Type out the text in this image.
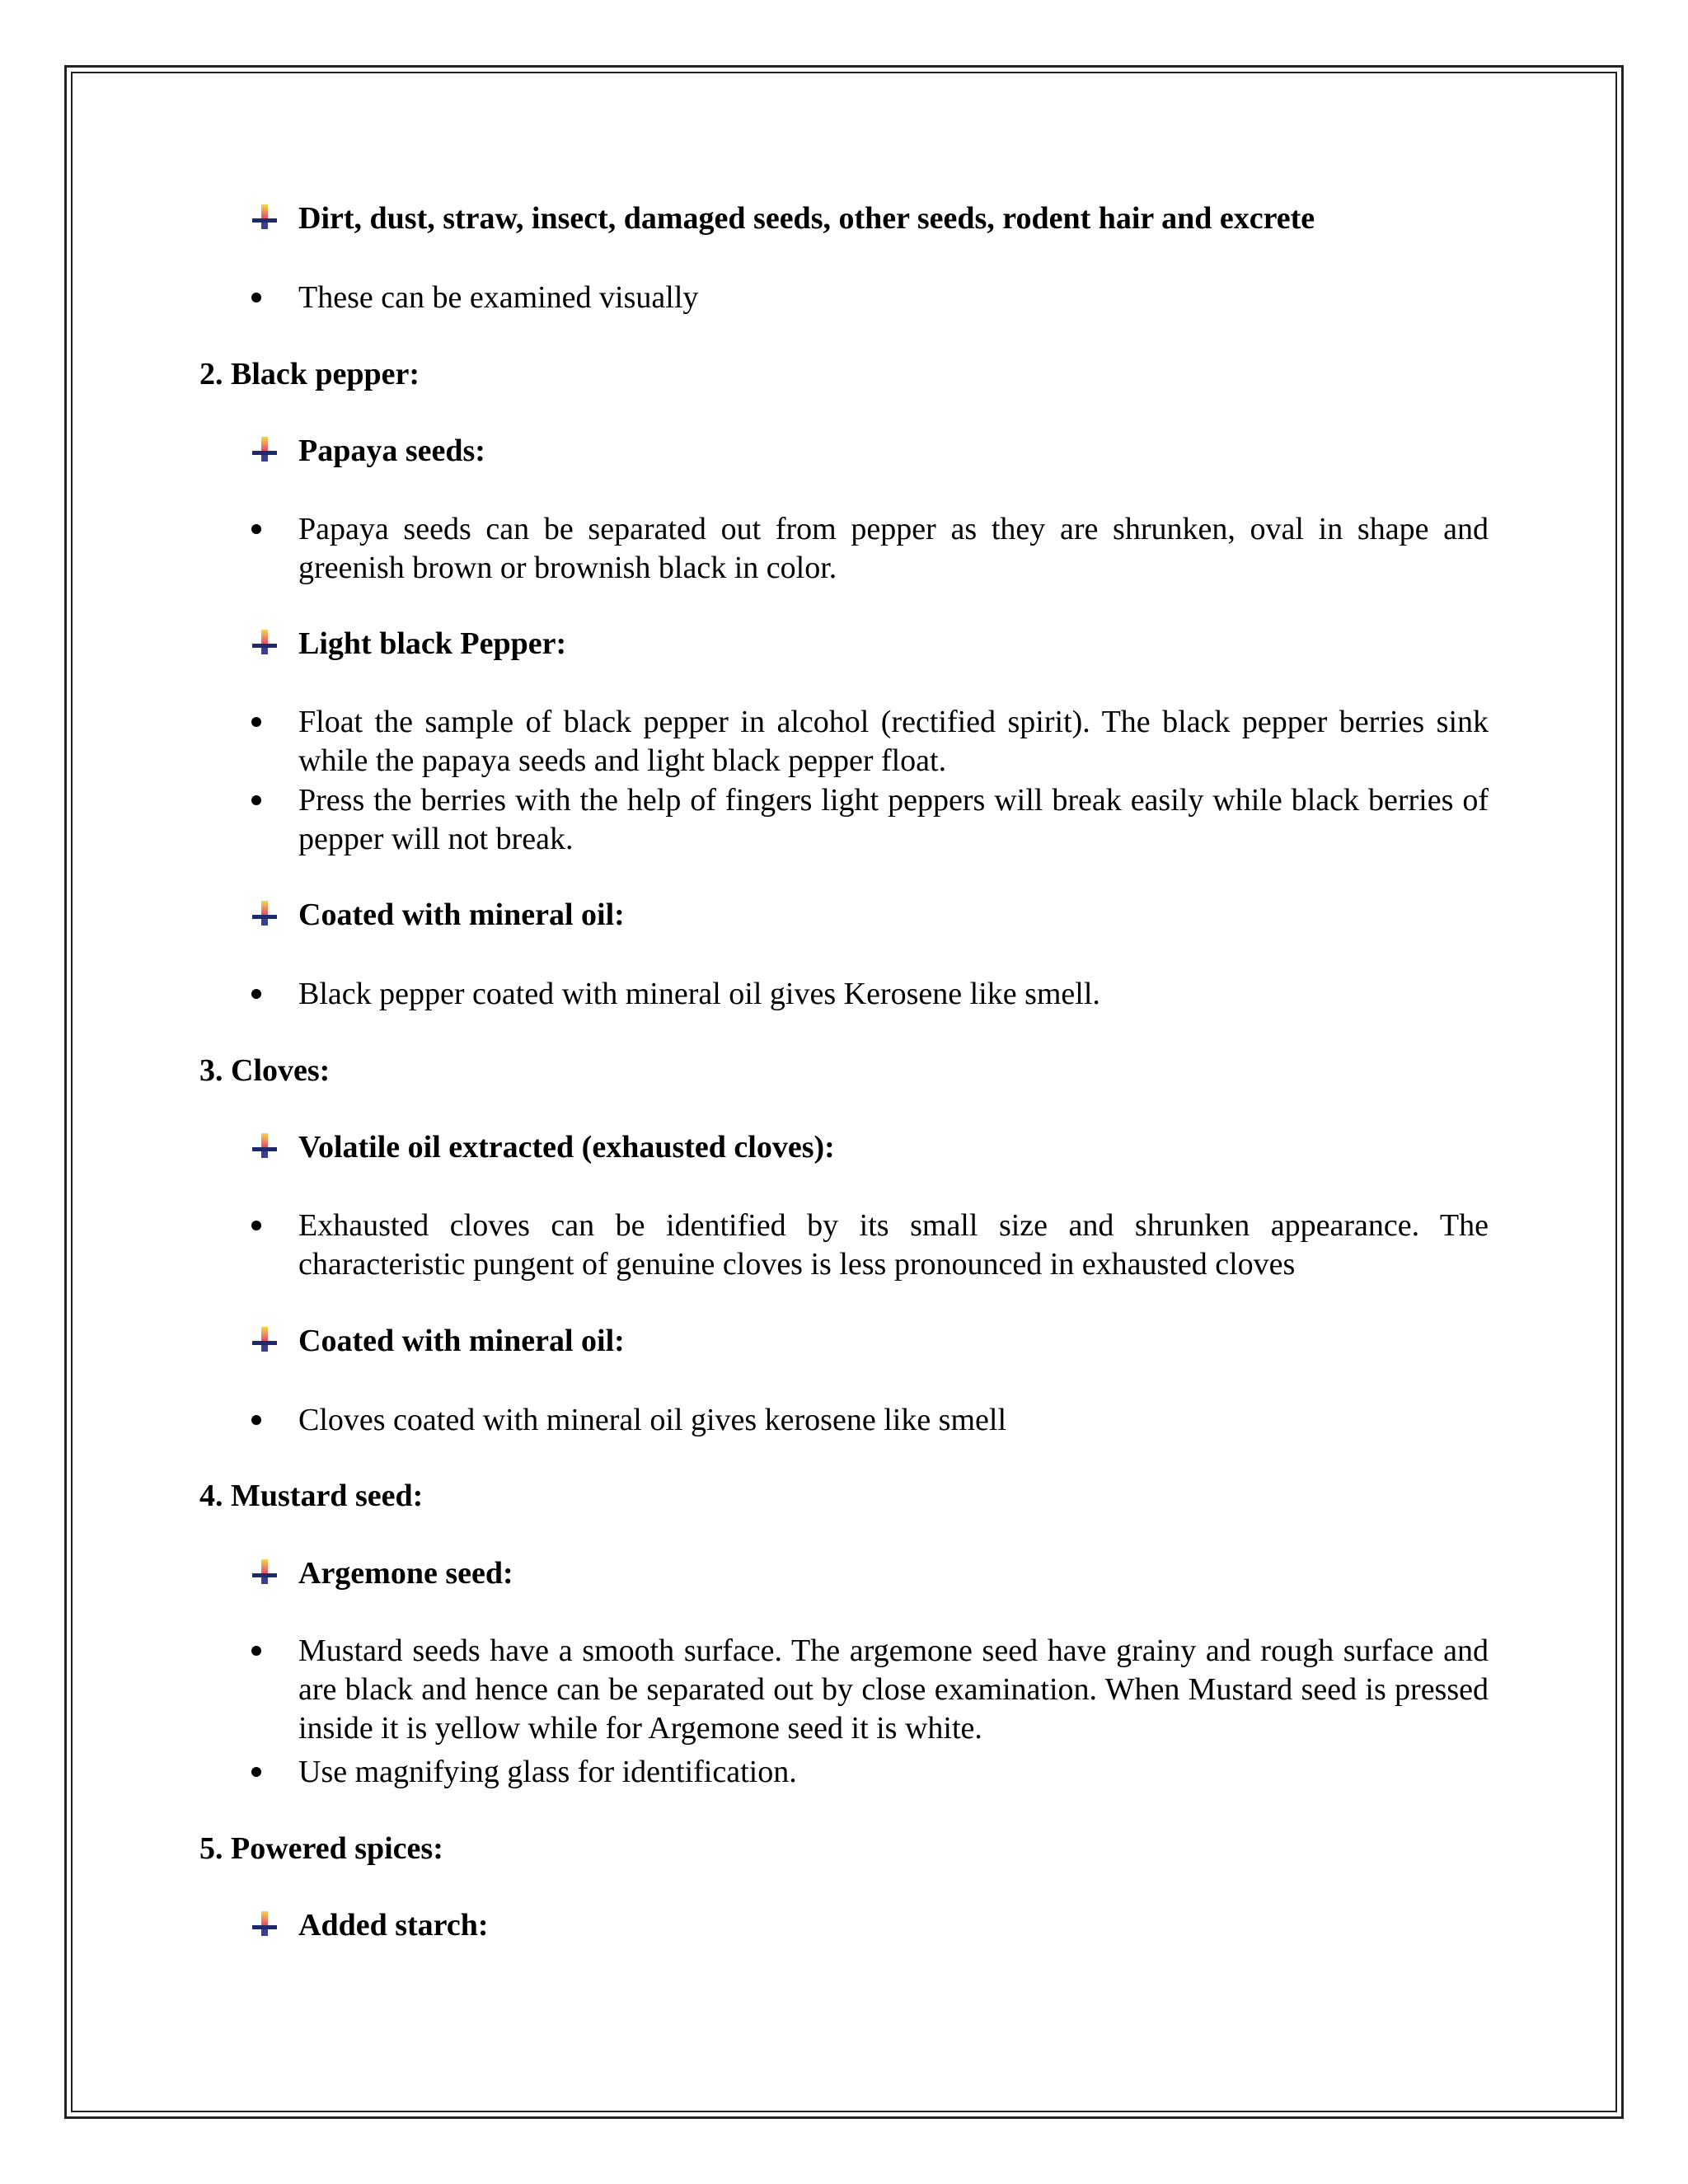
Dirt, dust, straw, insect, damaged seeds, other seeds, rodent hair and excrete
These can be examined visually
2. Black pepper:
Papaya seeds:
Papaya seeds can be separated out from pepper as they are shrunken, oval in shape and greenish brown or brownish black in color.
Light black Pepper:
Float the sample of black pepper in alcohol (rectified spirit). The black pepper berries sink while the papaya seeds and light black pepper float.
Press the berries with the help of fingers light peppers will break easily while black berries of pepper will not break.
Coated with mineral oil:
Black pepper coated with mineral oil gives Kerosene like smell.
3. Cloves:
Volatile oil extracted (exhausted cloves):
Exhausted cloves can be identified by its small size and shrunken appearance. The characteristic pungent of genuine cloves is less pronounced in exhausted cloves
Coated with mineral oil:
Cloves coated with mineral oil gives kerosene like smell
4. Mustard seed:
Argemone seed:
Mustard seeds have a smooth surface. The argemone seed have grainy and rough surface and are black and hence can be separated out by close examination. When Mustard seed is pressed inside it is yellow while for Argemone seed it is white.
Use magnifying glass for identification.
5. Powered spices:
Added starch:
